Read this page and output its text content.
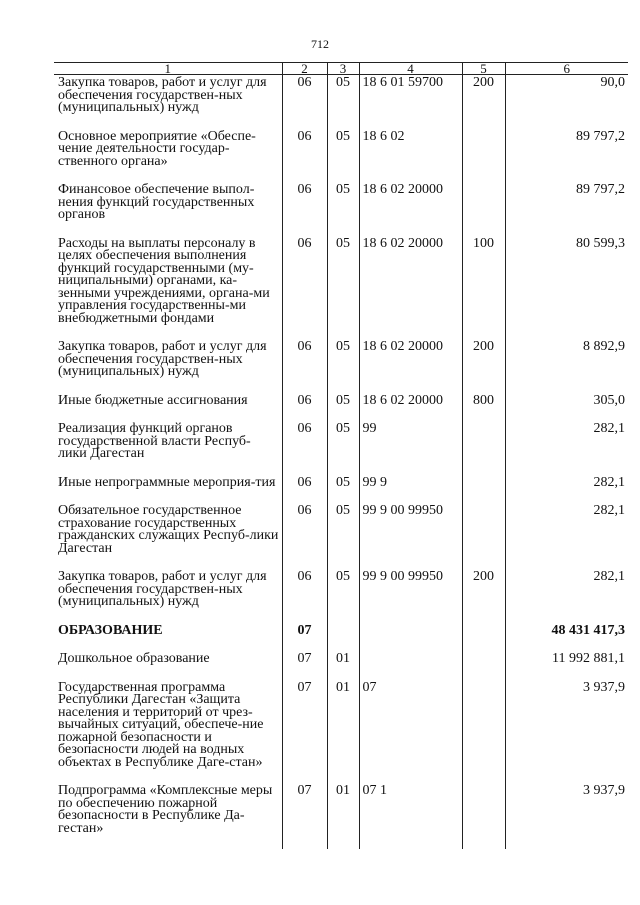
712
1	2	3	4	5	6
Закупка товаров, работ и услуг для обеспечения государствен-ных (муниципальных) нужд	06	05	18 6 01 59700	200	90,0
Основное мероприятие «Обеспе-чение деятельности государ-ственного органа»	06	05	18 6 02		89 797,2
Финансовое обеспечение выпол-нения функций государственных органов	06	05	18 6 02 20000		89 797,2
Расходы на выплаты персоналу в целях обеспечения выполнения функций государственными (му-ниципальными) органами, ка-зенными учреждениями, органа-ми управления государственны-ми внебюджетными фондами	06	05	18 6 02 20000	100	80 599,3
Закупка товаров, работ и услуг для обеспечения государствен-ных (муниципальных) нужд	06	05	18 6 02 20000	200	8 892,9
Иные бюджетные ассигнования	06	05	18 6 02 20000	800	305,0
Реализация функций органов государственной власти Респуб-лики Дагестан	06	05	99		282,1
Иные непрограммные мероприя-тия	06	05	99 9		282,1
Обязательное государственное страхование государственных гражданских служащих Респуб-лики Дагестан	06	05	99 9 00 99950		282,1
Закупка товаров, работ и услуг для обеспечения государствен-ных (муниципальных) нужд	06	05	99 9 00 99950	200	282,1
ОБРАЗОВАНИЕ	07				48 431 417,3
Дошкольное образование	07	01			11 992 881,1
Государственная программа Республики Дагестан «Защита населения и территорий от чрез-вычайных ситуаций, обеспече-ние пожарной безопасности и безопасности людей на водных объектах в Республике Даге-стан»	07	01	07		3 937,9
Подпрограмма «Комплексные меры по обеспечению пожарной безопасности в Республике Да-гестан»	07	01	07 1		3 937,9
